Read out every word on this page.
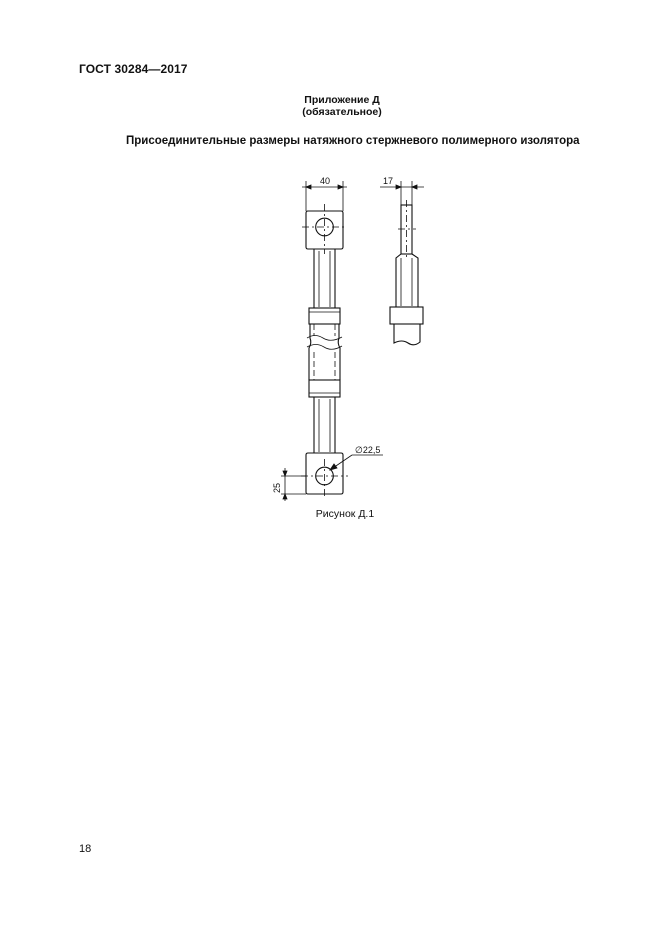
ГОСТ 30284—2017
Приложение Д
(обязательное)
Присоединительные размеры натяжного стержневого полимерного изолятора
40	17
∅22,5
25
Рисунок Д.1
18
